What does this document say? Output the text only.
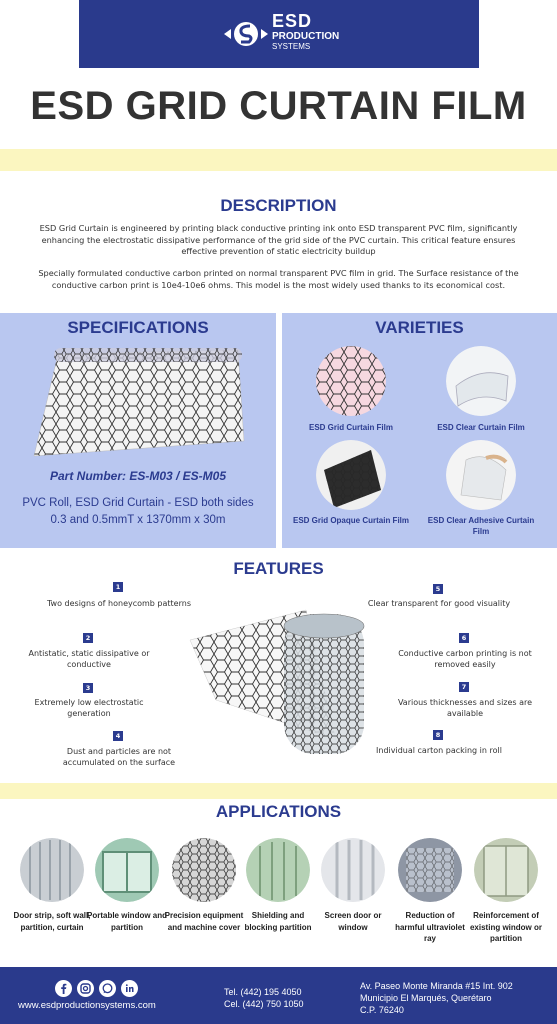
ESD
PRODUCTION
SYSTEMS
ESD GRID CURTAIN FILM
DESCRIPTION
ESD Grid Curtain is engineered by printing black conductive printing ink onto ESD transparent PVC film, significantly enhancing the electrostatic dissipative performance of the grid side of the PVC curtain. This critical feature ensures effective prevention of static electricity buildup
Specially formulated conductive carbon printed on normal transparent PVC film in grid. The Surface resistance of the conductive carbon print is 10e4-10e6 ohms. This model is the most widely used thanks to its economical cost.
SPECIFICATIONS
Part Number: ES-M03 / ES-M05
PVC Roll, ESD Grid Curtain - ESD both sides
0.3 and 0.5mmT x 1370mm x 30m
VARIETIES
ESD Grid Curtain Film	ESD Clear Curtain Film
ESD Grid Opaque Curtain Film	ESD Clear Adhesive Curtain Film
FEATURES
1
Two designs of honeycomb patterns
2
Antistatic, static dissipative or conductive
3
Extremely low electrostatic generation
4
Dust and particles are not accumulated on the surface
5
Clear transparent for good visuality
6
Conductive carbon printing is not removed easily
7
Various thicknesses and sizes are available
8
Individual carton packing in roll
APPLICATIONS
Door strip, soft wall, partition, curtain
Portable window and partition
Precision equipment and machine cover
Shielding and blocking partition
Screen door or window
Reduction of harmful ultraviolet ray
Reinforcement of existing window or partition
www.esdproductionsystems.com
Tel. (442) 195 4050
Cel. (442) 750 1050
Av. Paseo Monte Miranda #15 Int. 902
Municipio El Marqués, Querétaro
C.P. 76240
